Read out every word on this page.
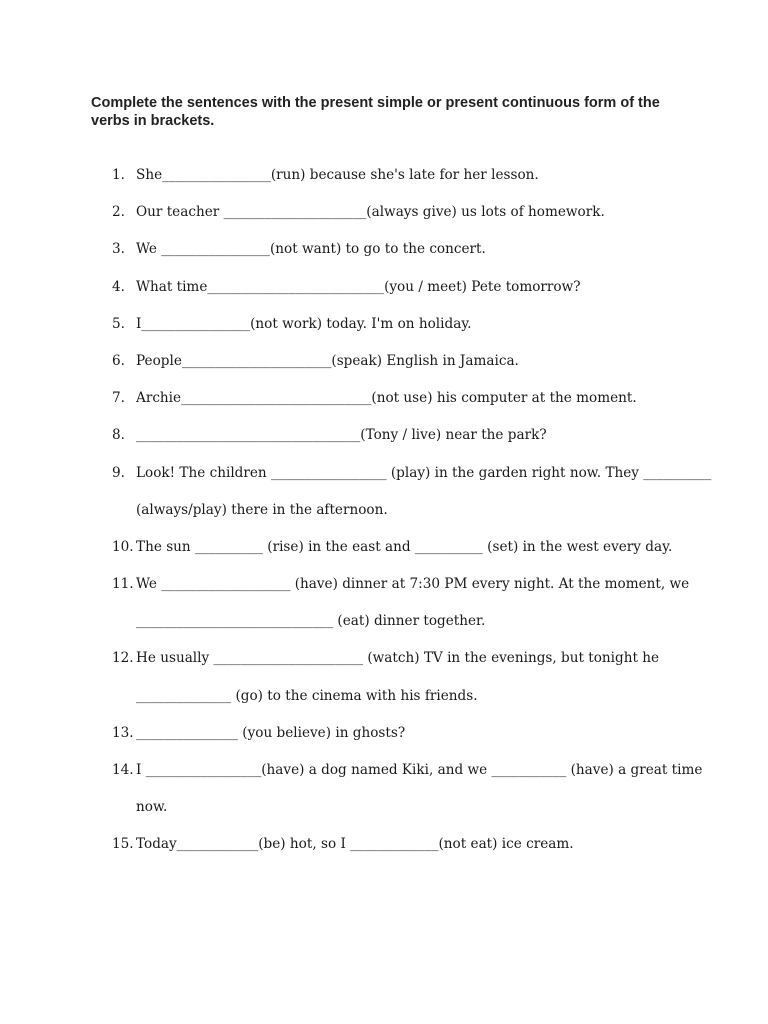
Complete the sentences with the present simple or present continuous form of the verbs in brackets.

1. She________________(run) because she's late for her lesson.
2. Our teacher _____________________(always give) us lots of homework.
3. We ________________(not want) to go to the concert.
4. What time__________________________(you / meet) Pete tomorrow?
5. I________________(not work) today. I'm on holiday.
6. People______________________(speak) English in Jamaica.
7. Archie____________________________(not use) his computer at the moment.
8. _________________________________(Tony / live) near the park?
9. Look! The children _________________ (play) in the garden right now. They __________
(always/play) there in the afternoon.
10. The sun __________ (rise) in the east and __________ (set) in the west every day.
11. We ___________________ (have) dinner at 7:30 PM every night. At the moment, we
_____________________________ (eat) dinner together.
12. He usually ______________________ (watch) TV in the evenings, but tonight he
______________ (go) to the cinema with his friends.
13. _______________ (you believe) in ghosts?
14. I _________________(have) a dog named Kiki, and we ___________ (have) a great time
now.
15. Today____________(be) hot, so I _____________(not eat) ice cream.
